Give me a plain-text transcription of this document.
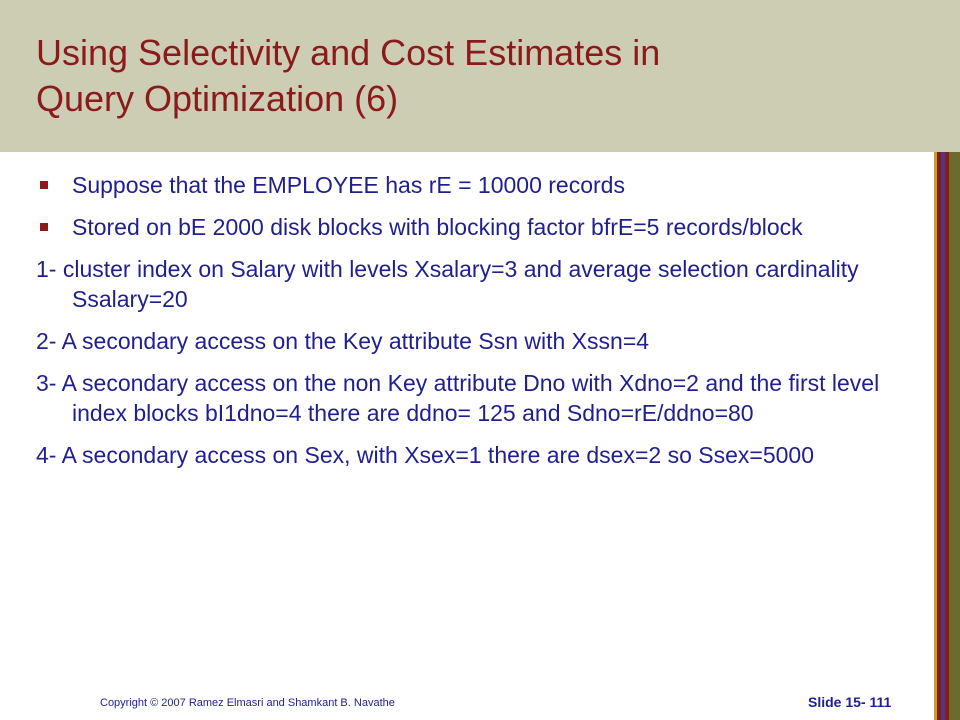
Using Selectivity and Cost Estimates in
Query Optimization (6)
Suppose that the EMPLOYEE has rE = 10000 records
Stored on bE 2000 disk blocks with blocking factor bfrE=5 records/block
1- cluster index on Salary with levels Xsalary=3 and average selection cardinality Ssalary=20
2- A secondary access on the Key attribute Ssn with Xssn=4
3- A secondary access on the non Key attribute Dno with Xdno=2 and the first level index blocks bI1dno=4 there are ddno= 125 and Sdno=rE/ddno=80
4- A secondary access on Sex, with Xsex=1 there are dsex=2 so Ssex=5000
Copyright © 2007 Ramez Elmasri and Shamkant B. Navathe	Slide 15- 111
